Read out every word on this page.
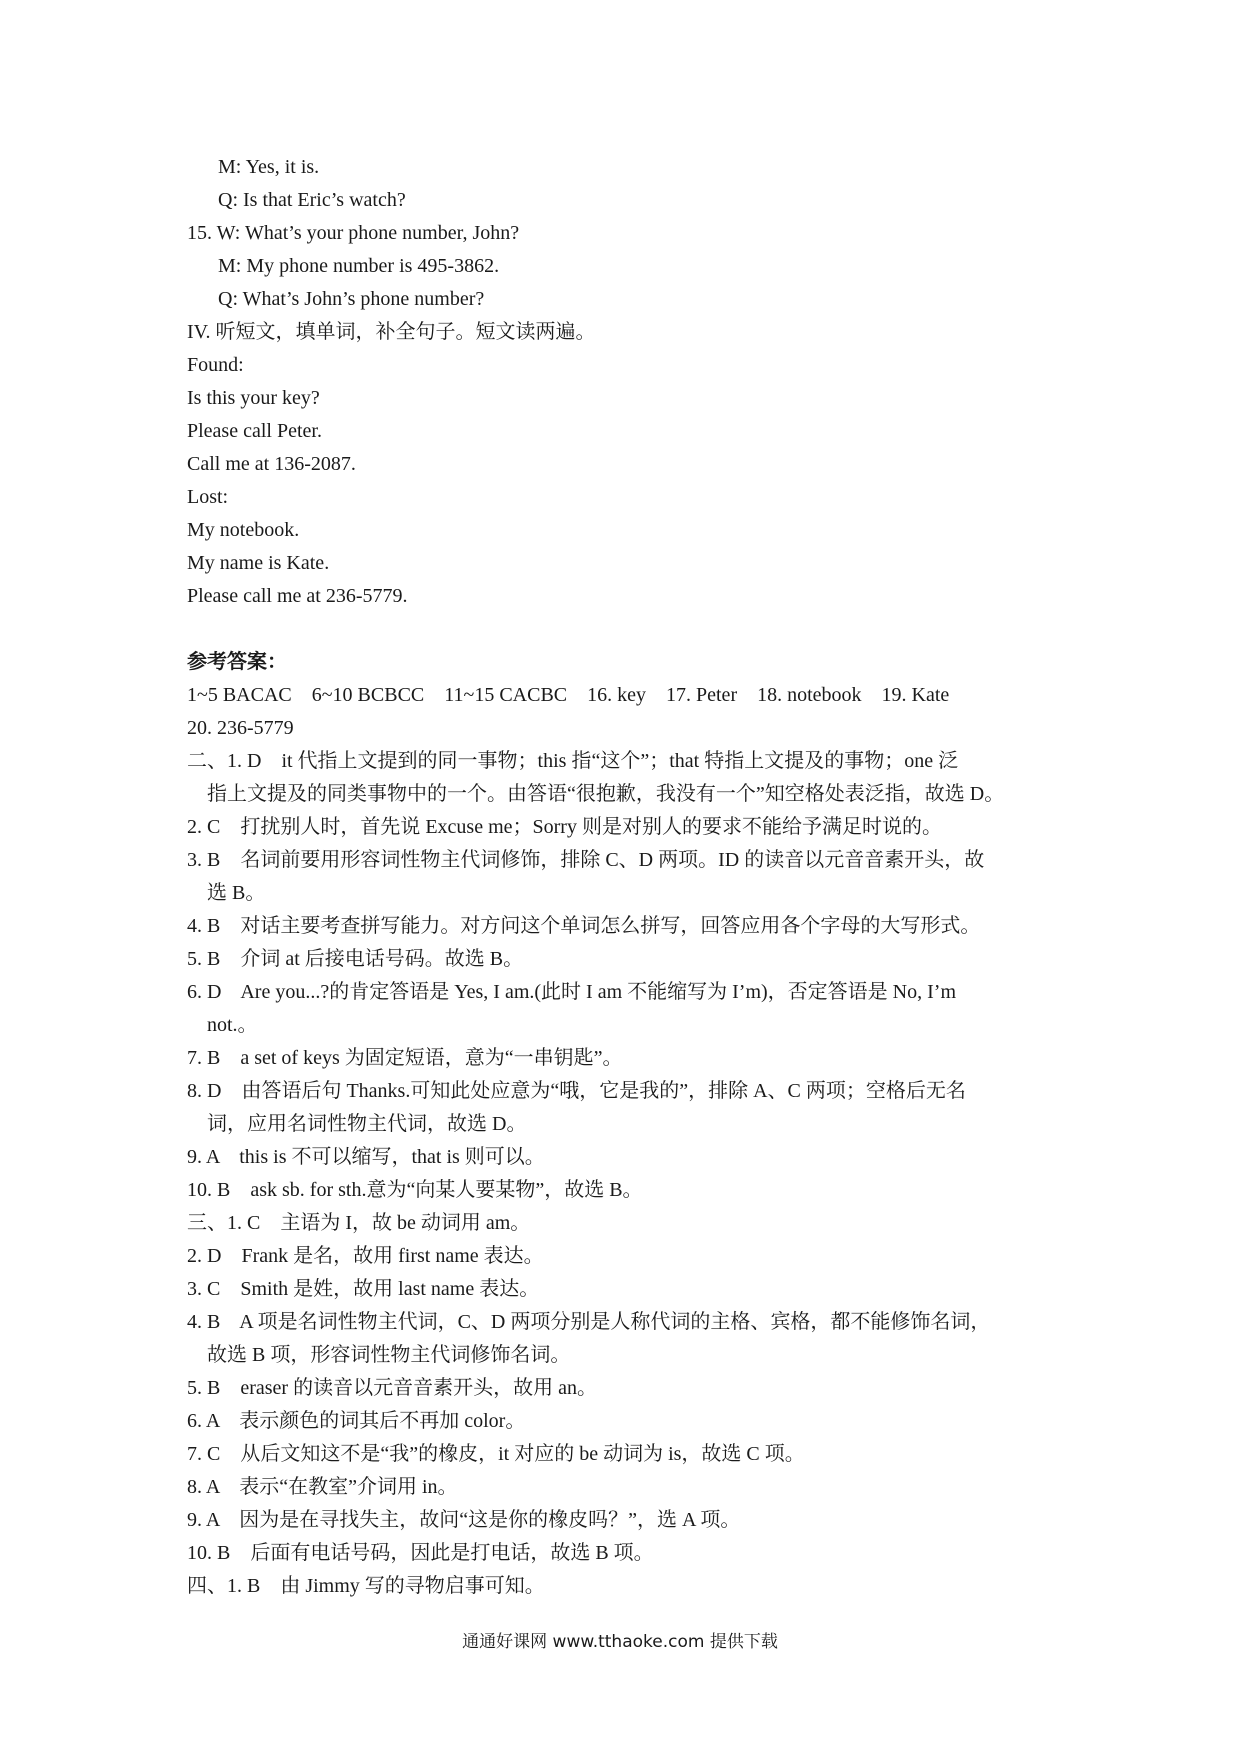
M: Yes, it is.
Q: Is that Eric’s watch?
15. W: What’s your phone number, John?
M: My phone number is 495-3862.
Q: What’s John’s phone number?
IV. 听短文，填单词，补全句子。短文读两遍。
Found:
Is this your key?
Please call Peter.
Call me at 136-2087.
Lost:
My notebook.
My name is Kate.
Please call me at 236-5779.
参考答案：
1~5 BACAC    6~10 BCBCC    11~15 CACBC    16. key    17. Peter    18. notebook    19. Kate
20. 236-5779
二、1. D    it 代指上文提到的同一事物；this 指“这个”；that 特指上文提及的事物；one 泛
指上文提及的同类事物中的一个。由答语“很抱歉，我没有一个”知空格处表泛指，故选 D。
2. C    打扰别人时，首先说 Excuse me；Sorry 则是对别人的要求不能给予满足时说的。
3. B    名词前要用形容词性物主代词修饰，排除 C、D 两项。ID 的读音以元音音素开头，故
选 B。
4. B    对话主要考查拼写能力。对方问这个单词怎么拼写，回答应用各个字母的大写形式。
5. B    介词 at 后接电话号码。故选 B。
6. D    Are you...?的肯定答语是 Yes, I am.(此时 I am 不能缩写为 I’m)，否定答语是 No, I’m
not.。
7. B    a set of keys 为固定短语，意为“一串钥匙”。
8. D    由答语后句 Thanks.可知此处应意为“哦，它是我的”，排除 A、C 两项；空格后无名
词，应用名词性物主代词，故选 D。
9. A    this is 不可以缩写，that is 则可以。
10. B    ask sb. for sth.意为“向某人要某物”，故选 B。
三、1. C    主语为 I，故 be 动词用 am。
2. D    Frank 是名，故用 first name 表达。
3. C    Smith 是姓，故用 last name 表达。
4. B    A 项是名词性物主代词，C、D 两项分别是人称代词的主格、宾格，都不能修饰名词，
故选 B 项，形容词性物主代词修饰名词。
5. B    eraser 的读音以元音音素开头，故用 an。
6. A    表示颜色的词其后不再加 color。
7. C    从后文知这不是“我”的橡皮，it 对应的 be 动词为 is，故选 C 项。
8. A    表示“在教室”介词用 in。
9. A    因为是在寻找失主，故问“这是你的橡皮吗？”，选 A 项。
10. B    后面有电话号码，因此是打电话，故选 B 项。
四、1. B    由 Jimmy 写的寻物启事可知。
通通好课网 www.tthaoke.com 提供下载
